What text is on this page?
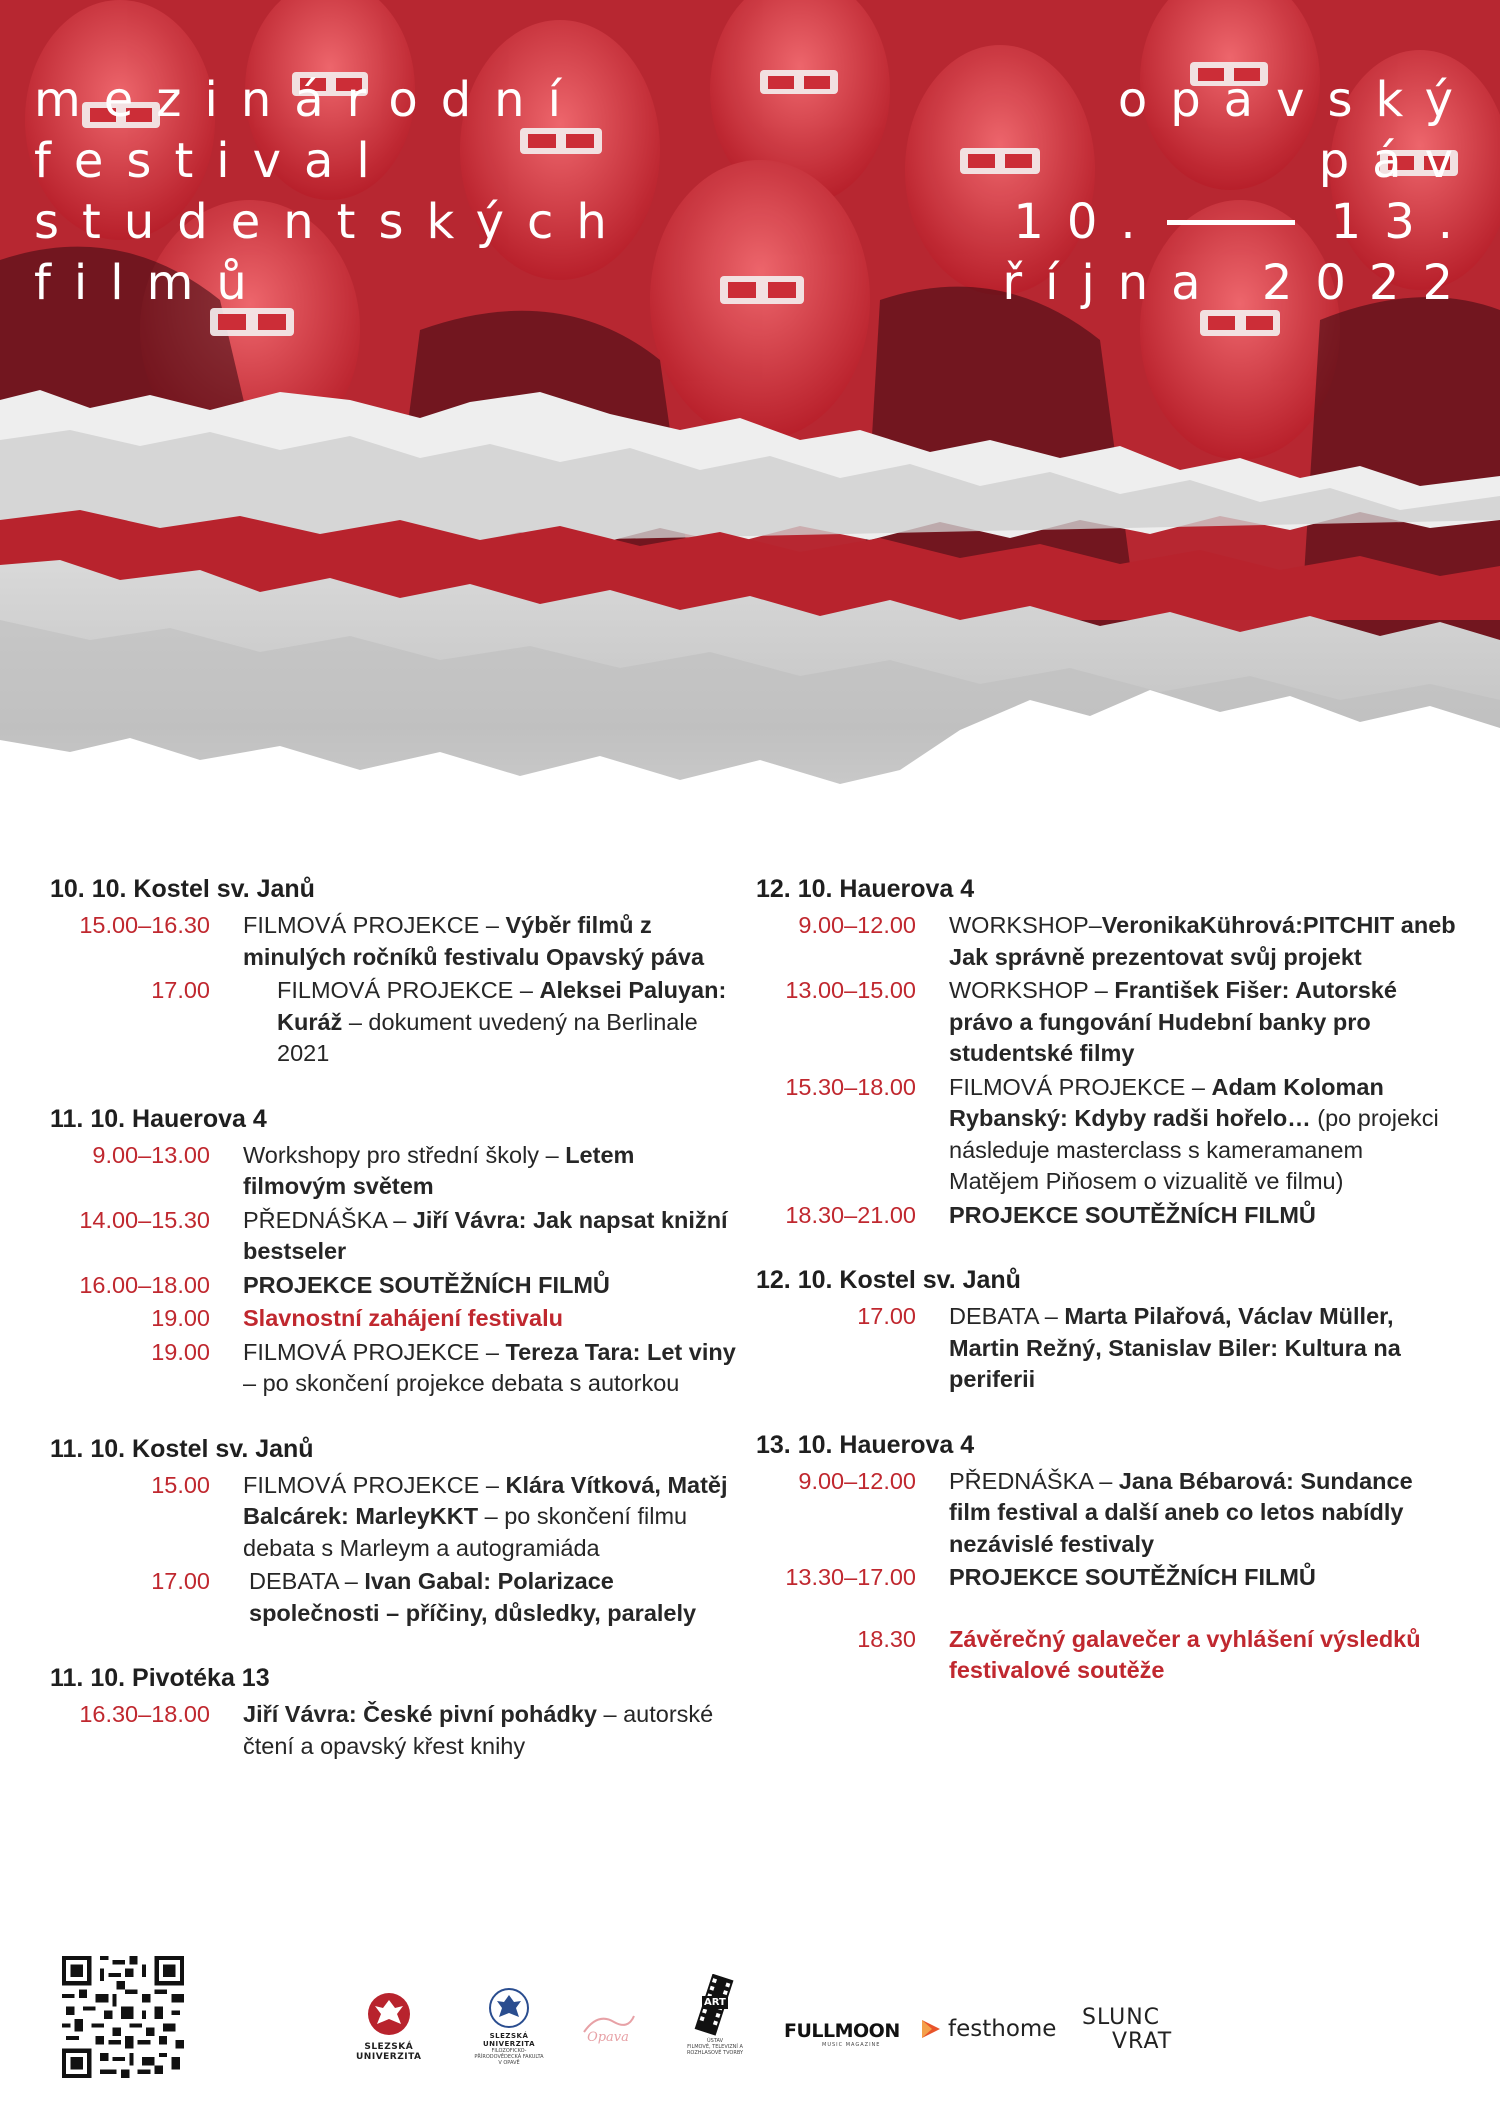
mezinárodní
festival
studentských
filmů
opavský
páv
10.	13.
října 2022
10. 10. Kostel sv. Janů
15.00–16.30	FILMOVÁ PROJEKCE – Výběr filmů z minulých ročníků festivalu Opavský páva
17.00	FILMOVÁ PROJEKCE – Aleksei Paluyan: Kuráž – dokument uvedený na Berlinale 2021
11. 10. Hauerova 4
9.00–13.00	Workshopy pro střední školy – Letem filmovým světem
14.00–15.30	PŘEDNÁŠKA – Jiří Vávra: Jak napsat knižní bestseler
16.00–18.00	PROJEKCE SOUTĚŽNÍCH FILMŮ
19.00	Slavnostní zahájení festivalu
19.00	FILMOVÁ PROJEKCE – Tereza Tara: Let viny – po skončení projekce debata s autorkou
11. 10. Kostel sv. Janů
15.00	FILMOVÁ PROJEKCE – Klára Vítková, Matěj Balcárek: MarleyKKT – po skončení filmu debata s Marleym a autogramiáda
17.00	DEBATA – Ivan Gabal: Polarizace společnosti – příčiny, důsledky, paralely
11. 10. Pivotéka 13
16.30–18.00	Jiří Vávra: České pivní pohádky – autorské čtení a opavský křest knihy
12. 10. Hauerova 4
9.00–12.00	WORKSHOP–VeronikaKührová:PITCHIT aneb Jak správně prezentovat svůj projekt
13.00–15.00	WORKSHOP – František Fišer: Autorské právo a fungování Hudební banky pro studentské filmy
15.30–18.00	FILMOVÁ PROJEKCE – Adam Koloman Rybanský: Kdyby radši hořelo… (po projekci následuje masterclass s kameramanem Matějem Piňosem o vizualitě ve filmu)
18.30–21.00	PROJEKCE SOUTĚŽNÍCH FILMŮ
12. 10. Kostel sv. Janů
17.00	DEBATA – Marta Pilařová, Václav Müller, Martin Režný, Stanislav Biler: Kultura na periferii
13. 10. Hauerova 4
9.00–12.00	PŘEDNÁŠKA – Jana Bébarová: Sundance film festival a další aneb co letos nabídly nezávislé festivaly
13.30–17.00	PROJEKCE SOUTĚŽNÍCH FILMŮ
18.30	Závěrečný galavečer a vyhlášení výsledků festivalové soutěže
SLEZSKÁ
UNIVERZITA
SLEZSKÁ
UNIVERZITA
FILOZOFICKO-PŘÍRODOVĚDECKÁ FAKULTA V OPAVĚ
Opava
ART
ÚSTAV
FILMOVÉ, TELEVIZNÍ A ROZHLASOVÉ TVORBY
FULLMOON
MUSIC MAGAZINE
festhome SLUNC
VRAT
